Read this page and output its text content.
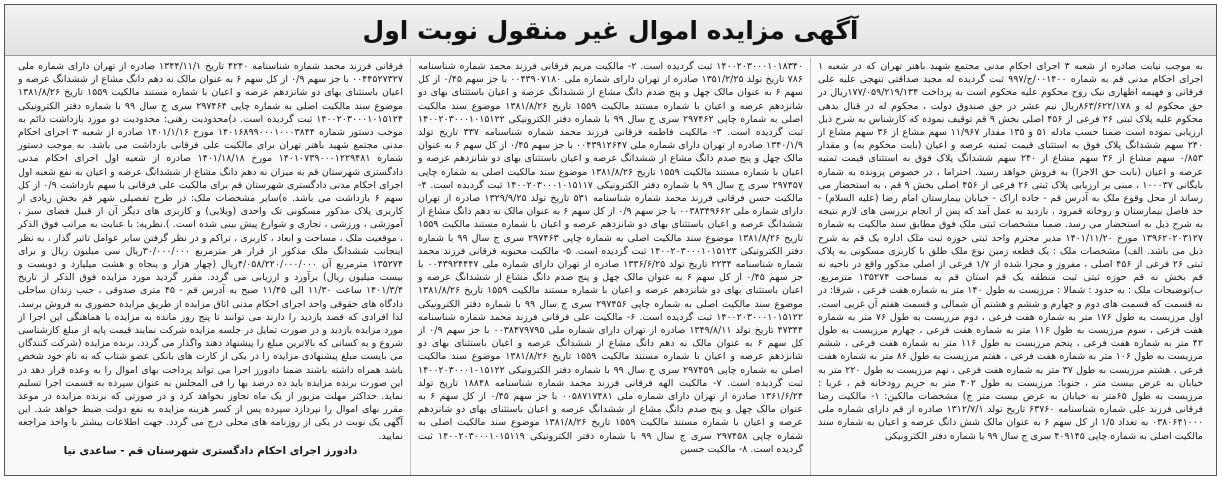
آگهی مزایده اموال غیر منقول نوبت اول

به موجب نیابت صادره از شعبه ۳ اجرای احکام مدنی مجتمع شهید باهنر تهران که در شعبه ۱ اجرای احکام مدنی قم به شماره ۰۰۱۴۰۰/ج/۹۹۷ ثبت گردیده له مجید صداقتی تنهجی علیه علی فرقانی و فهیمه اطهاری نیک روح محکوم علیه محکوم است به پرداخت ۱۷۷/۰۵۹/۲۱۹/۱۳۴ریال در حق محکوم له و ۸۶۳/۶۲۲/۱۷۸ریال نیم عشر در حق صندوق دولت ، محکوم له در قبال بدهی محکوم علیه پلاک ثبتی ۲۶ فرعی از ۴۵۶ اصلی بخش ۹ قم توقیف نموده که کارشناس به شرح ذیل ارزیابی نموده است ضمنا حسب مادله ۵۱ و ۱۳۵ مقدار ۱۱/۹۶۷ سهم مشاع از ۳۶ سهم مشاع از ۲۴۰ سهم ششدانگ پلاک فوق به استثنای قیمت ثمنیه عرصه و اعیان (بابت محکوم به) و مقدار ۰/۸۵۳ سهم مشاع از ۳۶ سهم مشاع از ۲۴۰ سهم ششدانگ پلاک فوق به استثنای قیمت ثمنیه عرصه و اعیان (بابت حق الاجرا) به فروش خواهد رسید. احتراما ، در خصوص پرونده به شماره بایگانی ۱۰۰۰۳۷ ، مبنی بر ارزیابی پلاک ثبتی ۲۶ فرعی از ۴۵۶ اصلی بخش ۹ قم ، به استحضار می رساند از محل وقوع ملک به آدرس قم - جاده اراک - خیابان بیمارستان امام رضا (علیه السلام) - حد فاصل بیمارستان و روخانه قمرود ، بازدید به عمل آمد که پس از انجام بررسی های لازم نتیجه به شرح ذیل به استحضار می رسد. ضمنا مشخصات ثبتی ملک فوق مطابق سند مالکیت به شماره ۱۳۹۶۲۰۲۰۳۱۲۷ مورخ ۱۴۰۱/۱۱/۲۰ مدیر محترم واحد ثبتی حوزه ثبت ملک اداره یک قم به شرح ذیل می باشد. الف) مشخصات ملک : یک قطعه زمین نوع ملک طلق با کاربری مسکونی به پلاک ثبتی ۲۶ فرعی از ۴۵۶ اصلی ، مفروز و مجزا شده از ۱/۷ فرعی از اصلی مذکور واقع در ناحیه نه قم بخش نه قم حوزه ثبتی ثبت منطقه یک قم استان قم به مساحت ۱۳۵۲۷۴ مترمربع. ب)توضیحات ملک : به حدود : شمالا : مرزیست به طول ۱۴۰ متر به شماره هفت فرعی ، شرقا: در نه قسمت که قسمت های دوم و چهارم و ششم و هشتم آن شمالی و قسمت هفتم آن غربی است. اول مرزیست به طول ۱۷۶ متر به شماره هفت فرعی ، دوم مرزیست به طول ۷۶ متر به شماره هفت فرعی ، سوم مرزیست به طول ۱۱۶ متر به شماره هفت فرعی ، چهارم مرزیست به طول ۴۲ متر به شماره هفت فرعی ، پنجم مرزیست به طول ۱۱۶ متر به شماره هفت فرعی ، ششم مرزیست به طول ۱۰۶ متر به شماره هفت فرعی ، هفتم مرزیست به طول ۸۶ متر به شماره هفت فرعی ، هشتم مرزیست به طول ۳۷ متر به شماره هفت فرعی ، نهم مرزیست به طول ۲۲۰ متر به خیابان به عرض بیست متر ، جنوبا: مرزیست به طول ۴۰۲ متر به حریم رودخانه قم ، غربا : مرزیست به طول ۶۵متر به خیابان به عرض بیست متر ج) مشخصات مالکین: ۱- مالکیت رضا فرقانی فرزند علی شماره شناسنامه ۶۳۷۶۰ تاریخ تولد ۱۳۱۲/۷/۱ صادره از قم دارای شماره ملی ۰۳۸۰۶۴۱۰۰۰ به تعداد ۱/۵ از کل سهم ۶ به عنوان مالک شش دانگ عرصه و اعیان به شماره سند مالکیت اصلی به شماره چاپی ۴۰۹۱۴۵ سری ج سال ۹۹ با شماره دفتر الکترونیکی

۱۴۰۰۲۰۳۰۰۰۱۰۱۸۳۴۰ ثبت گردیده است. ۲- مالکیت مریم فرقانی فرزند محمد شماره شناسنامه ۷۸۶ تاریخ تولد ۱۳۵۱/۲/۲۵ صادره از تهران دارای شماره ملی ۰۰۴۳۹۰۷۱۸۰ با جز سهم ۰/۴۵ از کل سهم ۶ به عنوان مالک چهل و پنج صدم دانگ مشاع از ششدانگ عرصه و اعیان باستثنای بهای دو شانزدهم عرصه و اعیان با شماره مستند مالکیت ۱۵۵۹ تاریخ ۱۳۸۱/۸/۲۶ موضوع سند مالکیت اصلی به شماره چاپی ۲۹۷۴۶۲ سری ج سال ۹۹ با شماره دفتر الکترونیکی ۱۴۰۰۲۰۳۰۰۰۱۰۱۵۱۲۲ ثبت گردیده است. ۳- مالکیت فاطمه فرقانی فرزند محمد شماره شناسنامه ۳۳۷ تاریخ تولد ۱۳۴۰/۱/۹ صادره از تهران دارای شماره ملی ۰۰۴۳۹۱۲۶۴۷ با جز سهم ۰/۴۵ از کل سهم ۶ به عنوان مالک چهل و پنج صدم دانگ مشاع از ششدانگ عرصه و اعیان باستثنای بهای دو شانزدهم عرصه و اعیان با شماره مستند مالکیت ۱۵۵۹ تاریخ ۱۳۸۱/۸/۲۶ موضوع سند مالکیت اصلی به شماره چاپی ۲۹۷۴۵۷ سری ج سال ۹۹ با شماره دفتر الکترونیکی ۱۴۰۰۲۰۳۰۰۰۱۰۱۵۱۱۷ ثبت گردیده است. ۴- مالکیت حسن فرقانی فرزند محمد شماره شناسنامه ۵۳۱ تاریخ تولد ۱۳۲۹/۹/۲۵ صادره از تهران دارای شماره ملی ۰۰۳۸۳۴۹۶۶۲ با جز سهم ۰/۹ از کل سهم ۶ به عنوان مالک نه دهم دانگ مشاع از ششدانگ عرصه و اعیان باستثنای بهای دو شانزدهم عرصه و اعیان با شماره مستند مالکیت ۱۵۵۹ تاریخ ۱۳۸۱/۸/۲۶ موضوع سند مالکیت اصلی به شماره چاپی ۲۹۷۴۶۳ سری ج سال ۹۹ با شماره دفتر الکترونیکی ۱۴۰۰۲۰۳۰۰۰۱۰۱۵۱۲۳ ثبت گردیده است. ۵- مالکیت محبوبه فرقانی فرزند محمد شماره شناسنامه ۲۲۳۴ تاریخ تولد ۱۳۳۶/۶/۲۵ صادره از تهران دارای شماره ملی ۰۰۴۳۹۲۴۴۴۷ با جز سهم ۰/۴۵ از کل سهم ۶ به عنوان مالک چهل و پنج صدم دانگ مشاع از ششدانگ عرصه و اعیان باستثنای بهای دو شانزدهم عرصه و اعیان با شماره مستند مالکیت ۱۵۵۹ تاریخ ۱۳۸۱/۸/۲۶ موضوع سند مالکیت اصلی به شماره چاپی ۲۹۷۴۵۶ سری ج سال ۹۹ با شماره دفتر الکترونیکی ۱۴۰۰۲۰۳۰۰۰۱۰۱۵۱۲۲ ثبت گردیده است. ۶- مالکیت علی فرقانی فرزند محمد شماره شناسنامه ۴۷۳۴۴ تاریخ تولد ۱۳۴۹/۸/۱۱ صادره از تهران دارای شماره ملی ۰۰۳۸۴۷۹۷۹۵ با جز سهم ۰/۹ از کل سهم ۶ به عنوان مالک نه دهم دانگ مشاع از ششدانگ عرصه و اعیان باستثنای بهای دو شانزدهم عرصه و اعیان با شماره مستند مالکیت ۱۵۵۹ تاریخ ۱۳۸۱/۸/۲۶ موضوع سند مالکیت اصلی به شماره چاپی ۲۹۷۴۵۹ سری ج سال ۹۹ با شماره دفتر الکترونیکی ۱۴۰۰۲۰۳۰۰۰۱۰۱۵۱۲۲ ثبت گردیده است. ۷- مالکیت الهه فرقانی فرزند محمد شماره شناسنامه ۱۸۸۴۸ تاریخ تولد ۱۳۶۱/۶/۲۴ صادره از تهران دارای شماره ملی ۰۰۵۸۷۱۷۴۸۱ با جز سهم ۰/۴۵ از کل سهم ۶ به عنوان مالک چهل و پنج صدم دانگ مشاع از ششدانگ عرصه و اعیان باستثنای بهای دو شانزدهم عرصه و اعیان با شماره مستند مالکیت ۱۵۵۹ تاریخ ۱۳۸۱/۸/۲۶ موضوع سند مالکیت اصلی به شماره چاپی ۲۹۷۴۵۸ سری ج سال ۹۹ با شماره دفتر الکترونیکی ۱۴۰۰۲۰۳۰۰۰۱۰۱۵۱۱۹ ثبت گردیده است. ۸- مالکیت حسین

فرقانی فرزند محمد شماره شناسنامه ۴۲۴۰ تاریخ ۱۳۴۴/۱۱/۱ صادره از تهران دارای شماره ملی ۰۰۴۴۵۲۷۳۲۷ با جز سهم ۰/۹ از کل سهم ۶ به عنوان مالک نه دهم دانگ مشاع از ششدانگ عرصه و اعیان باستثنای بهای دو شانزدهم عرصه و اعیان با شماره مستند مالکیت ۱۵۵۹ تاریخ ۱۳۸۱/۸/۲۶ موضوع سند مالکیت اصلی به شماره چاپی ۲۹۷۴۶۴ سری ج سال ۹۹ با شماره دفتر الکترونیکی ۱۴۰۰۲۰۳۰۰۰۱۰۱۵۱۲۴ ثبت گردیده است. د)محدودیت رهنی: محدودیت دو مورد بازداشت دائم به موجب دستور شماره ۱۴۰۱۶۸۹۹۰۰۰۱۰۰۰۳۸۴۴ مورخ ۱۴۰۱/۱/۱۶ صادره از شعبه ۳ اجرای احکام مدنی مجتمع شهید باهنر تهران برای مالکیت علی فرقانی بازداشت می باشد. به موجب دستور شماره ۱۴۰۱۰۷۳۹۰۰۰۱۲۲۹۴۸۱ مورخ ۱۴۰۱/۱۸/۱۸ صادره از شعبه اول اجرای احکام مدنی دادگستری شهرستان قم به میزان نه دهم دانگ مشاع از ششدانگ عرصه و اعیان به نفع شعبه اول اجرای احکام مدنی دادگستری شهرستان قم برای مالکیت علی فرقانی با سهم بازداشت ۰/۹ از کل سهم ۶ بازداشت می باشد. ه)سایر مشخصات ملک: در طرح تفصیلی شهر قم بخش زیادی از کاربری پلاک مذکور مسکونی تک واحدی (ویلایی) و کاربری های دیگر آن از قبیل فضای سبز ، آموزشی ، ورزشی ، تجاری و شوارع پیش بینی شده است. ).نظریه: با عنایت به مراتب فوق الذکر ، موقعیت ملک ، مساحت و ابعاد ، کاربری ، تراکم و در نظر گرفتن سایر عوامل تاثیر گذار ، به نظر اینجانب ششدانگ ملک مذکور از قرار هر مترمربع ۳۰/۰۰۰/۰۰۰ریال سی میلیون ریال و برای ۱۳۵۲۷۴ مترمربع آن ۴/۰۵۸/۲۲۰/۰۰۰/۰۰۰ریال (چهار هزار و پنجاه و هشت میلیارد و دویست و بیست میلیون ریال) برآورد و ارزیابی می گردد. مقرر گردید مورد مزایده فوق الذکر از تاریخ ۱۴۰۱/۳/۴ ساعت ۱۱/۳۰ الی ۱۱/۴۵ صبح به آدرس قم - ۴۵ متری صدوقی ، جنب زندان ساحلی دادگاه های حقوقی واحد اجرای احکام مدنی اتاق مزایده از طریق مزایده حضوری به فروش برسد. لذا افرادی که قصد بازدید را دارند می توانند تا پنج روز مانده به مزایده با هماهنگی این اجرا از مورد مزایده بازدید و در صورت تمایل در جلسه مزایده شرکت نمایند قیمت پایه از مبلغ کارشناسی شروع و به کسانی که بالاترین مبلغ را پیشنهاد دهند واگذار می گردد. برنده مزایده (شرکت کنندگان می بایست مبلغ پیشنهادی مزایده را در یکی از کارت های بانکی عضو شتاب که به نام خود شخص باشد همراه داشته باشند ضمنا دادورز اجرا می تواند پرداخت بهای اموال را به وعده قرار دهد در این صورت برنده مزایده باید ده درصد بها را فی المجلس به عنوان سپرده به قسمت اجرا تسلیم نماید. حداکثر مهلت مزبور از یک ماه تجاوز نخواهد کرد و در صورتی که برنده مزایده در موعد مقرر بهای اموال را نپردازد سپرده پس از کسر هزینه مزایده به نفع دولت ضبط خواهد شد. این آگهی یک نوبت در یکی از روزنامه های محلی درج می گردد. جهت اطلاعات بیشتر با واحد مراجعه نمایید.

دادورز اجرای احکام دادگستری شهرستان قم - ساعدی نیا
